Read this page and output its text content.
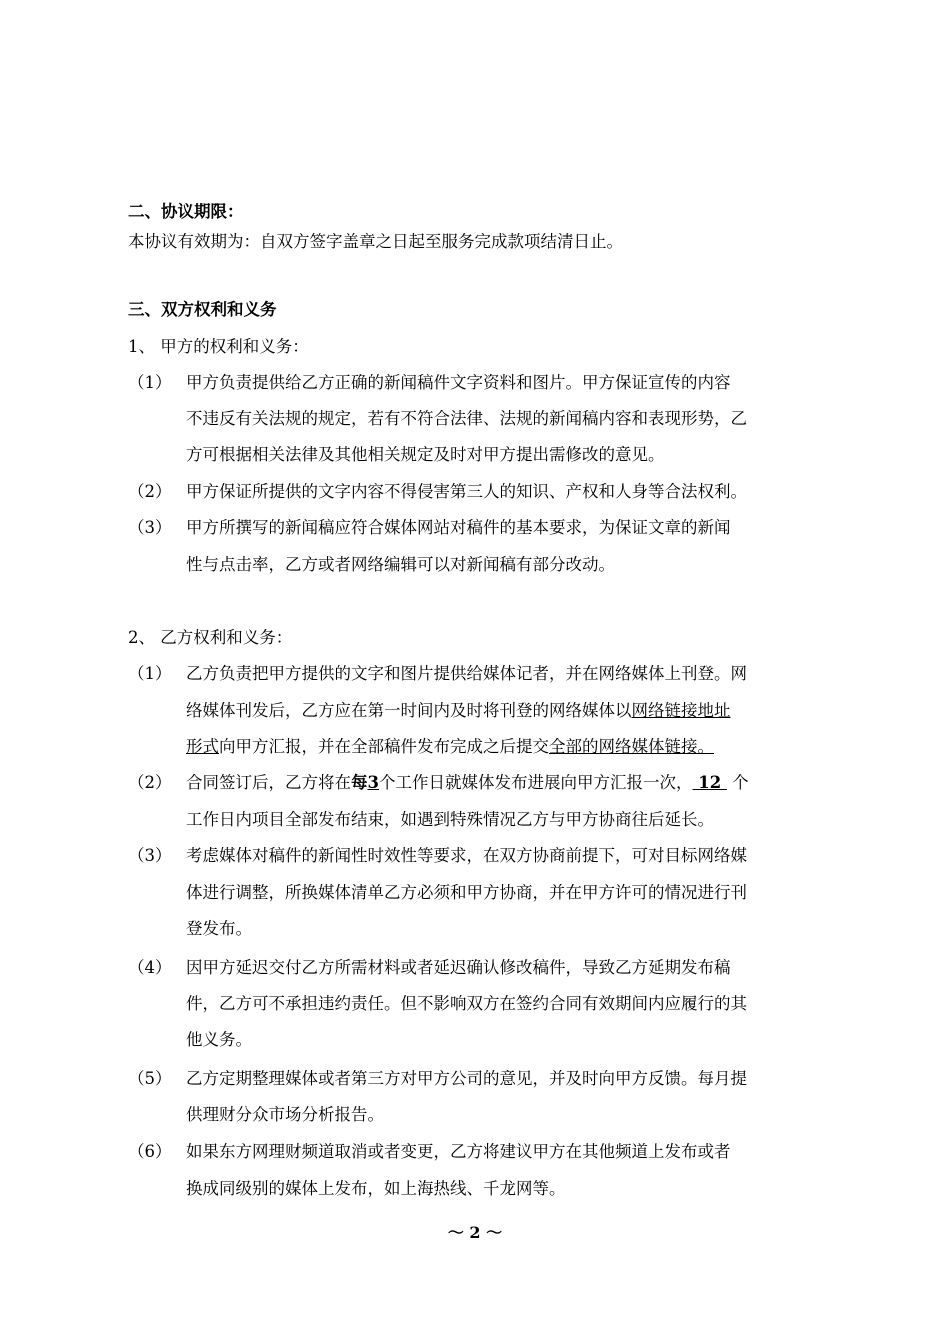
二、协议期限：
本协议有效期为：自双方签字盖章之日起至服务完成款项结清日止。
三、双方权利和义务
1、 甲方的权利和义务：
（1） 甲方负责提供给乙方正确的新闻稿件文字资料和图片。甲方保证宣传的内容
不违反有关法规的规定，若有不符合法律、法规的新闻稿内容和表现形势，乙
方可根据相关法律及其他相关规定及时对甲方提出需修改的意见。
（2） 甲方保证所提供的文字内容不得侵害第三人的知识、产权和人身等合法权利。
（3） 甲方所撰写的新闻稿应符合媒体网站对稿件的基本要求，为保证文章的新闻
性与点击率，乙方或者网络编辑可以对新闻稿有部分改动。
2、 乙方权利和义务：
（1） 乙方负责把甲方提供的文字和图片提供给媒体记者，并在网络媒体上刊登。网
络媒体刊发后，乙方应在第一时间内及时将刊登的网络媒体以网络链接地址
形式向甲方汇报，并在全部稿件发布完成之后提交全部的网络媒体链接。
（2） 合同签订后，乙方将在每3个工作日就媒体发布进展向甲方汇报一次， 12  个
工作日内项目全部发布结束，如遇到特殊情况乙方与甲方协商往后延长。
（3） 考虑媒体对稿件的新闻性时效性等要求，在双方协商前提下，可对目标网络媒
体进行调整，所换媒体清单乙方必须和甲方协商，并在甲方许可的情况进行刊
登发布。
（4） 因甲方延迟交付乙方所需材料或者延迟确认修改稿件，导致乙方延期发布稿
件，乙方可不承担违约责任。但不影响双方在签约合同有效期间内应履行的其
他义务。
（5） 乙方定期整理媒体或者第三方对甲方公司的意见，并及时向甲方反馈。每月提
供理财分众市场分析报告。
（6） 如果东方网理财频道取消或者变更，乙方将建议甲方在其他频道上发布或者
换成同级别的媒体上发布，如上海热线、千龙网等。
～ 2 ～
